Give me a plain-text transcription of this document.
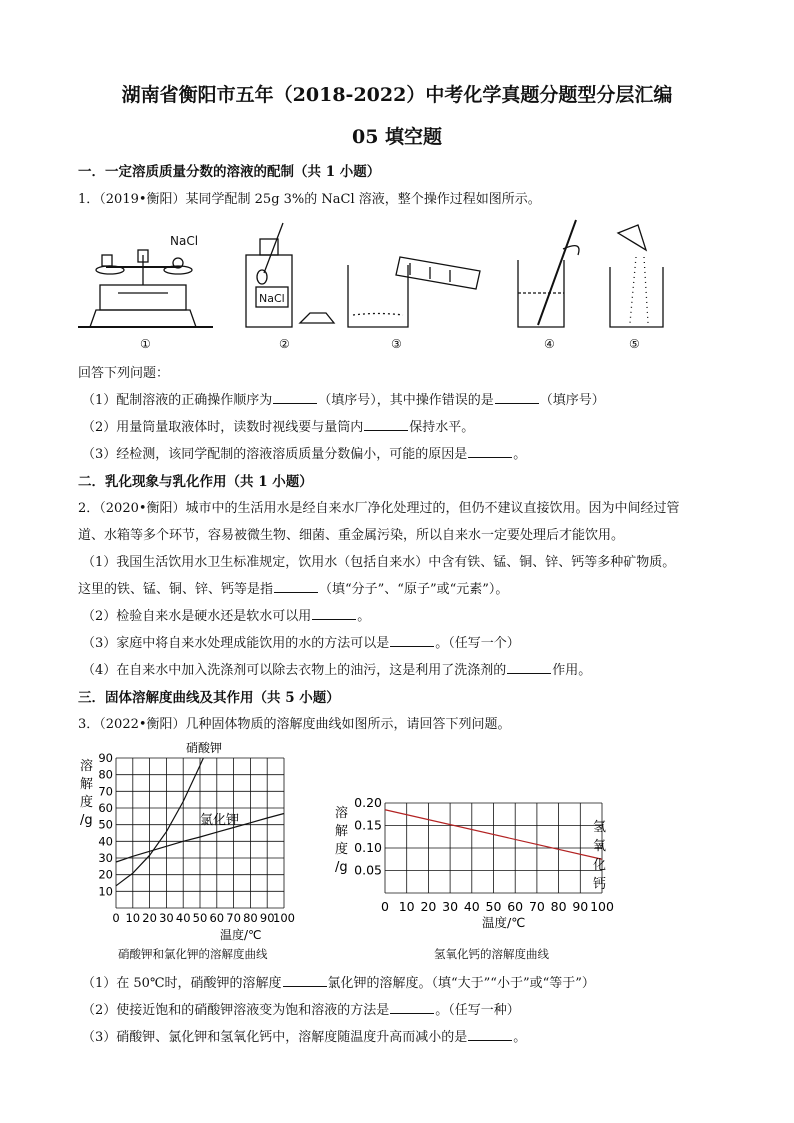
湖南省衡阳市五年（2018-2022）中考化学真题分题型分层汇编
05 填空题
一．一定溶质质量分数的溶液的配制（共 1 小题）
1．（2019•衡阳）某同学配制 25g 3%的 NaCl 溶液，整个操作过程如图所示。
NaCl
NaCl
①	②	③	④	⑤
回答下列问题：
（1）配制溶液的正确操作顺序为	（填序号），其中操作错误的是	（填序号）
（2）用量筒量取液体时，读数时视线要与量筒内	保持水平。
（3）经检测，该同学配制的溶液溶质质量分数偏小，可能的原因是	。
二．乳化现象与乳化作用（共 1 小题）
2．（2020•衡阳）城市中的生活用水是经自来水厂净化处理过的，但仍不建议直接饮用。因为中间经过管
道、水箱等多个环节，容易被微生物、细菌、重金属污染，所以自来水一定要处理后才能饮用。
（1）我国生活饮用水卫生标准规定，饮用水（包括自来水）中含有铁、锰、铜、锌、钙等多种矿物质。
这里的铁、锰、铜、锌、钙等是指	（填“分子”、“原子”或“元素”）。
（2）检验自来水是硬水还是软水可以用	。
（3）家庭中将自来水处理成能饮用的水的方法可以是	。（任写一个）
（4）在自来水中加入洗涤剂可以除去衣物上的油污，这是利用了洗涤剂的	作用。
三．固体溶解度曲线及其作用（共 5 小题）
3．（2022•衡阳）几种固体物质的溶解度曲线如图所示，请回答下列问题。
0 10 20 30 40 50 60 70 80 90
100
10
20
30
40
50
60
70
80
90
溶
解
度
/g
温度/℃
硝酸钾
氯化钾
0 10 20 30 40 50 60 70 80 90 100
0.05
0.10
0.15
0.20
溶
解
度
/g
温度/℃
氢
氧
化
钙
硝酸钾和氯化钾的溶解度曲线	氢氧化钙的溶解度曲线
（1）在 50℃时，硝酸钾的溶解度	氯化钾的溶解度。（填“大于”“小于”或“等于”）
（2）使接近饱和的硝酸钾溶液变为饱和溶液的方法是	。（任写一种）
（3）硝酸钾、氯化钾和氢氧化钙中，溶解度随温度升高而减小的是	。
